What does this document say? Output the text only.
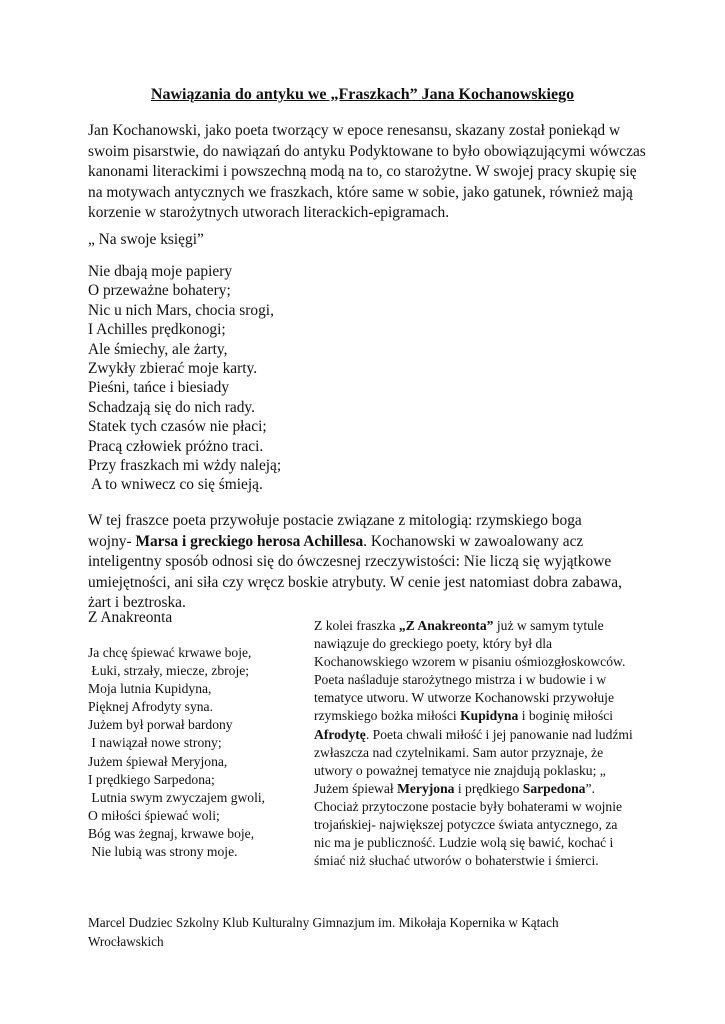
Nawiązania do antyku we „Fraszkach” Jana Kochanowskiego

Jan Kochanowski, jako poeta tworzący w epoce renesansu, skazany został poniekąd w swoim pisarstwie, do nawiązań do antyku Podyktowane to było obowiązującymi wówczas kanonami literackimi i powszechną modą na to, co starożytne. W swojej pracy skupię się na motywach antycznych we fraszkach, które same w sobie, jako gatunek, również mają korzenie w starożytnych utworach literackich-epigramach.

„ Na swoje księgi”
Nie dbają moje papiery
O przeważne bohatery;
Nic u nich Mars, chocia srogi,
I Achilles prędkonogi;
Ale śmiechy, ale żarty,
Zwykły zbierać moje karty.
Pieśni, tańce i biesiady
Schadzają się do nich rady.
Statek tych czasów nie płaci;
Pracą człowiek próżno traci.
Przy fraszkach mi wżdy naleją;
A to wniwecz co się śmieją.

W tej fraszce poeta przywołuje postacie związane z mitologią: rzymskiego boga wojny- Marsa i greckiego herosa Achillesa. Kochanowski w zawoalowany acz inteligentny sposób odnosi się do ówczesnej rzeczywistości: Nie liczą się wyjątkowe umiejętności, ani siła czy wręcz boskie atrybuty. W cenie jest natomiast dobra zabawa, żart i beztroska.

Z Anakreonta
Ja chcę śpiewać krwawe boje,
Łuki, strzały, miecze, zbroje;
Moja lutnia Kupidyna,
Pięknej Afrodyty syna.
Jużem był porwał bardony
I nawiązał nowe strony;
Jużem śpiewał Meryjona,
I prędkiego Sarpedona;
Lutnia swym zwyczajem gwoli,
O miłości śpiewać woli;
Bóg was żegnaj, krwawe boje,
Nie lubią was strony moje.

Z kolei fraszka „Z Anakreonta” już w samym tytule nawiązuje do greckiego poety, który był dla Kochanowskiego wzorem w pisaniu ośmiozgłoskowców. Poeta naśladuje starożytnego mistrza i w budowie i w tematyce utworu. W utworze Kochanowski przywołuje rzymskiego bożka miłości Kupidyna i boginię miłości Afrodytę. Poeta chwali miłość i jej panowanie nad ludźmi zwłaszcza nad czytelnikami. Sam autor przyznaje, że utwory o poważnej tematyce nie znajdują poklasku; „ Jużem śpiewał Meryjona i prędkiego Sarpedona”. Chociaż przytoczone postacie były bohaterami w wojnie trojańskiej- największej potyczce świata antycznego, za nic ma je publiczność. Ludzie wolą się bawić, kochać i śmiać niż słuchać utworów o bohaterstwie i śmierci.

Marcel Dudziec Szkolny Klub Kulturalny Gimnazjum im. Mikołaja Kopernika w Kątach Wrocławskich
